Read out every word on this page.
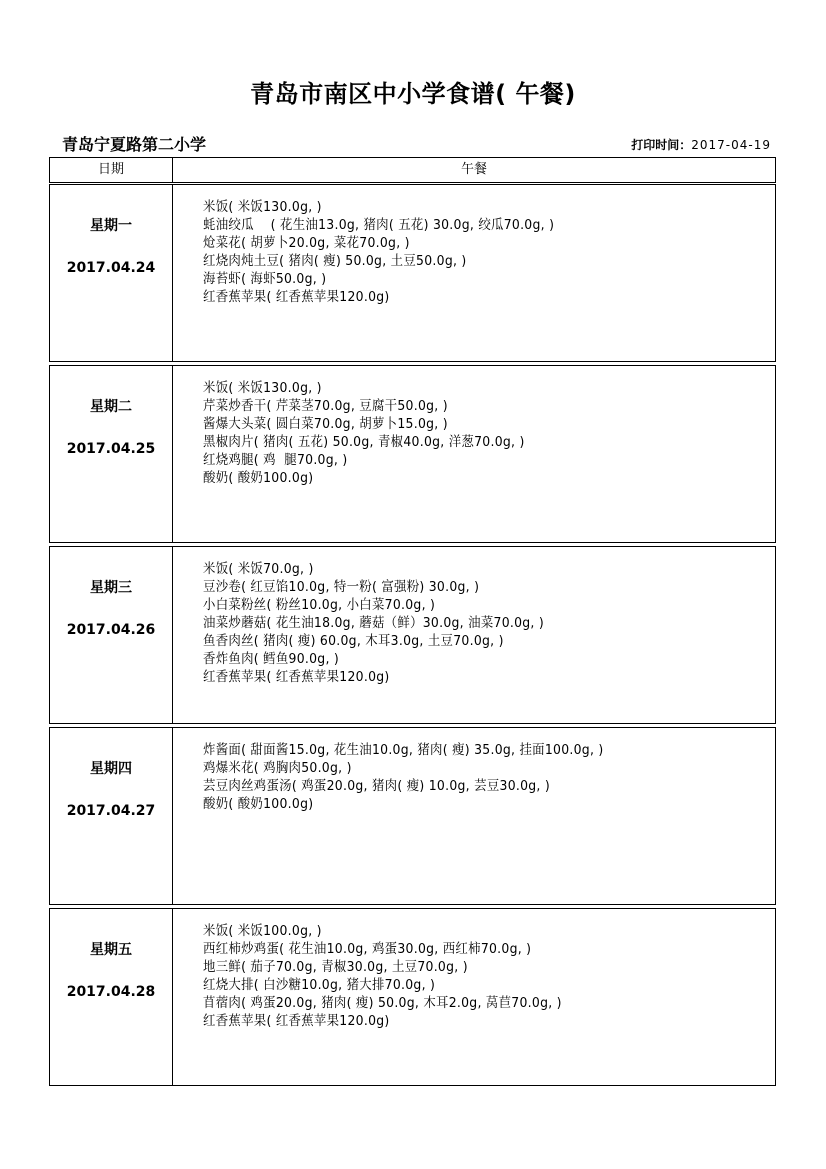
青岛市南区中小学食谱( 午餐)
青岛宁夏路第二小学	打印时间：2017-04-19
日期	午餐
星期一
2017.04.24
米饭( 米饭130.0g, )
蚝油绞瓜    ( 花生油13.0g, 猪肉( 五花) 30.0g, 绞瓜70.0g, )
炝菜花( 胡萝卜20.0g, 菜花70.0g, )
红烧肉炖土豆( 猪肉( 瘦) 50.0g, 土豆50.0g, )
海苔虾( 海虾50.0g, )
红香蕉苹果( 红香蕉苹果120.0g)
星期二
2017.04.25
米饭( 米饭130.0g, )
芹菜炒香干( 芹菜茎70.0g, 豆腐干50.0g, )
酱爆大头菜( 圆白菜70.0g, 胡萝卜15.0g, )
黑椒肉片( 猪肉( 五花) 50.0g, 青椒40.0g, 洋葱70.0g, )
红烧鸡腿( 鸡  腿70.0g, )
酸奶( 酸奶100.0g)
星期三
2017.04.26
米饭( 米饭70.0g, )
豆沙卷( 红豆馅10.0g, 特一粉( 富强粉) 30.0g, )
小白菜粉丝( 粉丝10.0g, 小白菜70.0g, )
油菜炒蘑菇( 花生油18.0g, 蘑菇（鲜）30.0g, 油菜70.0g, )
鱼香肉丝( 猪肉( 瘦) 60.0g, 木耳3.0g, 土豆70.0g, )
香炸鱼肉( 鳕鱼90.0g, )
红香蕉苹果( 红香蕉苹果120.0g)
星期四
2017.04.27
炸酱面( 甜面酱15.0g, 花生油10.0g, 猪肉( 瘦) 35.0g, 挂面100.0g, )
鸡爆米花( 鸡胸肉50.0g, )
芸豆肉丝鸡蛋汤( 鸡蛋20.0g, 猪肉( 瘦) 10.0g, 芸豆30.0g, )
酸奶( 酸奶100.0g)
星期五
2017.04.28
米饭( 米饭100.0g, )
西红柿炒鸡蛋( 花生油10.0g, 鸡蛋30.0g, 西红柿70.0g, )
地三鲜( 茄子70.0g, 青椒30.0g, 土豆70.0g, )
红烧大排( 白沙糖10.0g, 猪大排70.0g, )
苜蓿肉( 鸡蛋20.0g, 猪肉( 瘦) 50.0g, 木耳2.0g, 莴苣70.0g, )
红香蕉苹果( 红香蕉苹果120.0g)
